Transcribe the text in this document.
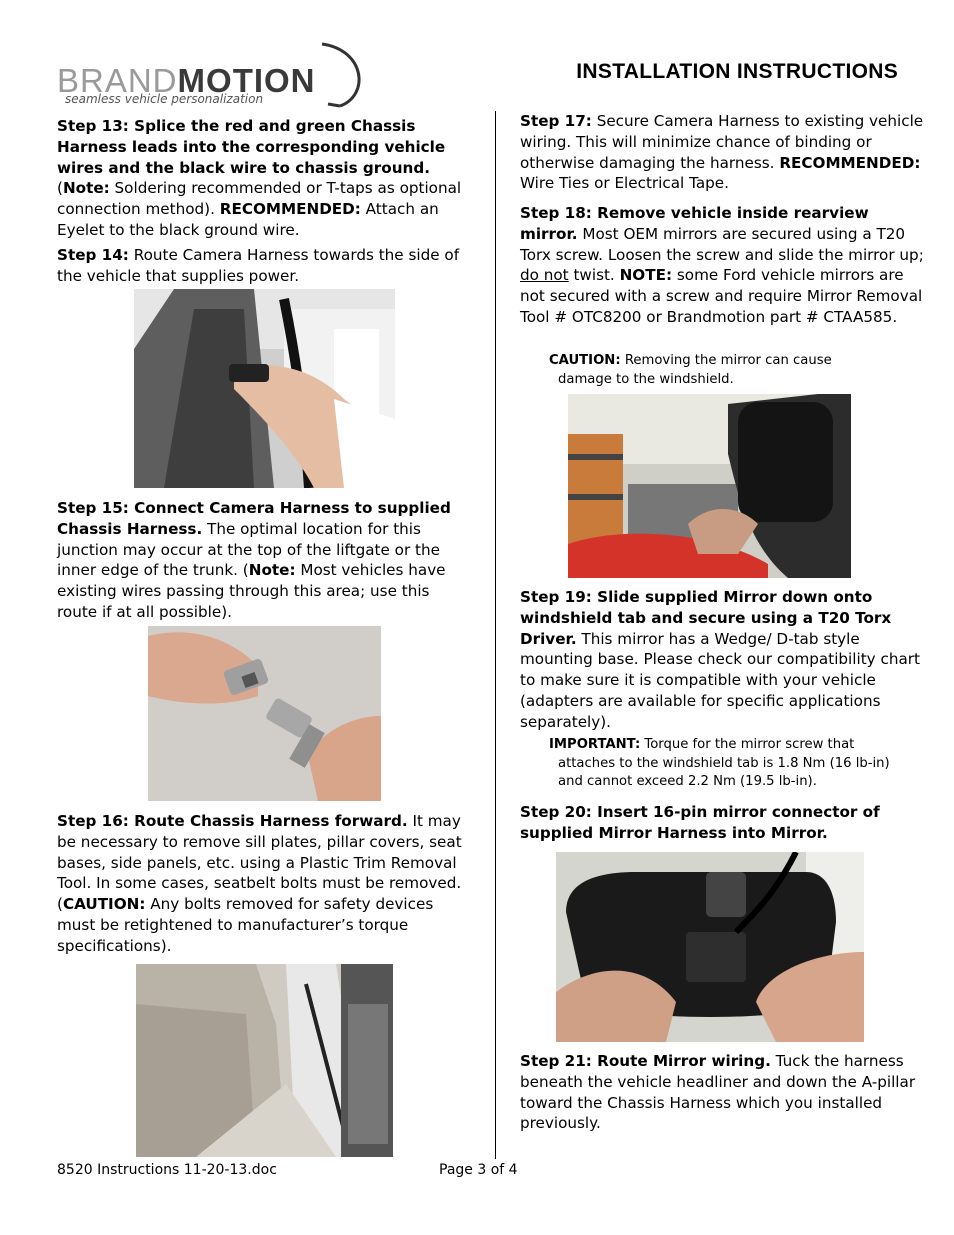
BRANDMOTION
seamless vehicle personalization
INSTALLATION INSTRUCTIONS

Step 13: Splice the red and green Chassis Harness leads into the corresponding vehicle wires and the black wire to chassis ground.
(Note: Soldering recommended or T-taps as optional connection method). RECOMMENDED: Attach an Eyelet to the black ground wire.

Step 14: Route Camera Harness towards the side of the vehicle that supplies power.

Step 15: Connect Camera Harness to supplied Chassis Harness. The optimal location for this junction may occur at the top of the liftgate or the inner edge of the trunk. (Note: Most vehicles have existing wires passing through this area; use this route if at all possible).

Step 16: Route Chassis Harness forward. It may be necessary to remove sill plates, pillar covers, seat bases, side panels, etc. using a Plastic Trim Removal Tool. In some cases, seatbelt bolts must be removed. (CAUTION: Any bolts removed for safety devices must be retightened to manufacturer’s torque specifications).

Step 17: Secure Camera Harness to existing vehicle wiring. This will minimize chance of binding or otherwise damaging the harness. RECOMMENDED: Wire Ties or Electrical Tape.

Step 18: Remove vehicle inside rearview mirror. Most OEM mirrors are secured using a T20 Torx screw. Loosen the screw and slide the mirror up; do not twist. NOTE: some Ford vehicle mirrors are not secured with a screw and require Mirror Removal Tool # OTC8200 or Brandmotion part # CTAA585.

CAUTION: Removing the mirror can cause damage to the windshield.

Step 19: Slide supplied Mirror down onto windshield tab and secure using a T20 Torx Driver. This mirror has a Wedge/ D-tab style mounting base. Please check our compatibility chart to make sure it is compatible with your vehicle (adapters are available for specific applications separately).

IMPORTANT: Torque for the mirror screw that attaches to the windshield tab is 1.8 Nm (16 lb-in) and cannot exceed 2.2 Nm (19.5 lb-in).

Step 20: Insert 16-pin mirror connector of supplied Mirror Harness into Mirror.

Step 21: Route Mirror wiring. Tuck the harness beneath the vehicle headliner and down the A-pillar toward the Chassis Harness which you installed previously.

8520 Instructions 11-20-13.doc	Page 3 of 4
